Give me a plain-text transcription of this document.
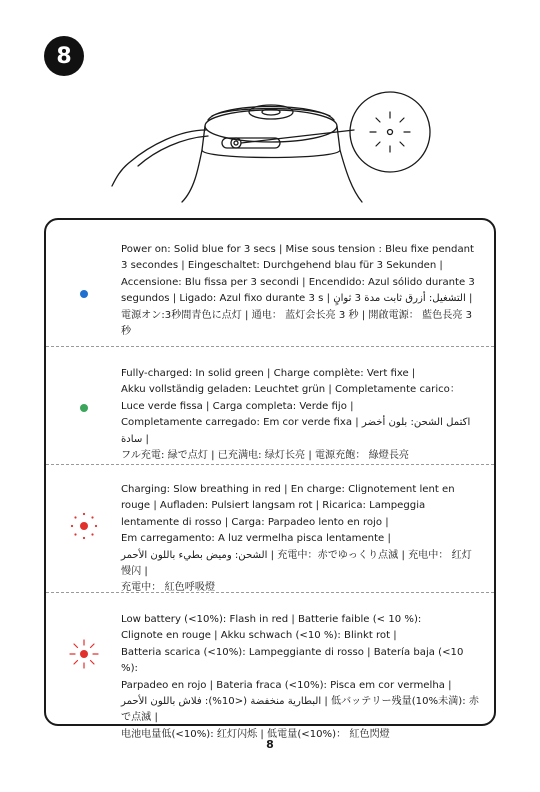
8

Power on: Solid blue for 3 secs | Mise sous tension : Bleu fixe pendant

3 secondes | Eingeschaltet: Durchgehend blau für 3 Sekunden |

Accensione: Blu fissa per 3 secondi | Encendido: Azul sólido durante 3

segundos | Ligado: Azul fixo durante 3 s | التشغيل: أزرق ثابت مدة 3 ثوانٍ |

電源オン:3秒間青色に点灯 | 通电： 蓝灯会长亮 3 秒 | 開啟電源： 藍色長亮 3 秒

Fully-charged: In solid green | Charge complète: Vert fixe |

Akku vollständig geladen: Leuchtet grün | Completamente carico：

Luce verde fissa | Carga completa: Verde fijo |

Completamente carregado: Em cor verde fixa | اكتمل الشحن: بلون أخضر سادة |

フル充電: 緑で点灯 | 已充满电: 绿灯长亮 | 電源充飽： 綠燈長亮

Charging: Slow breathing in red | En charge: Clignotement lent en

rouge | Aufladen: Pulsiert langsam rot | Ricarica: Lampeggia

lentamente di rosso | Carga: Parpadeo lento en rojo |

Em carregamento: A luz vermelha pisca lentamente |

الشحن: وميض بطيء باللون الأحمر | 充電中：赤でゆっくり点滅 | 充电中： 红灯慢闪 |

充電中： 紅色呼吸燈

Low battery (<10%): Flash in red | Batterie faible (< 10 %):

Clignote en rouge | Akku schwach (<10 %): Blinkt rot |

Batteria scarica (<10%): Lampeggiante di rosso | Batería baja (<10 %):

Parpadeo en rojo | Bateria fraca (<10%): Pisca em cor vermelha |

البطارية منخفضة (<10%): فلاش باللون الأحمر | 低バッテリー残量(10%未満): 赤で点滅 |

电池电量低(<10%): 红灯闪烁 | 低電量(<10%)： 紅色閃燈

8
